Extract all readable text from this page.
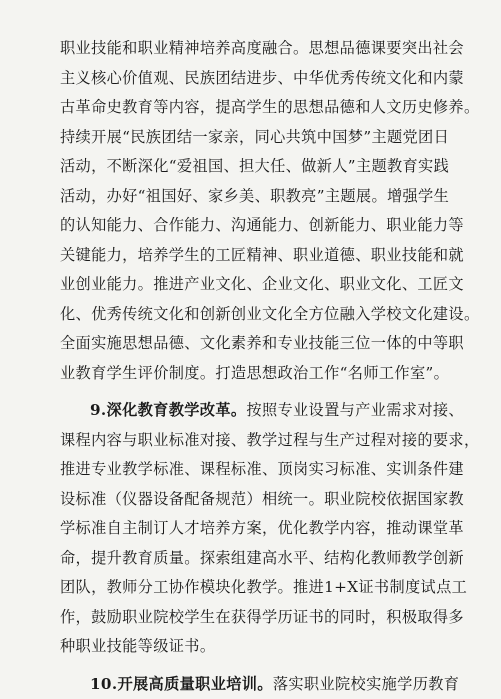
职业技能和职业精神培养高度融合。思想品德课要突出社会
主义核心价值观、民族团结进步、中华优秀传统文化和内蒙
古革命史教育等内容，提高学生的思想品德和人文历史修养。
持续开展“民族团结一家亲，同心共筑中国梦”主题党团日
活动，不断深化“爱祖国、担大任、做新人”主题教育实践
活动，办好“祖国好、家乡美、职教亮”主题展。增强学生
的认知能力、合作能力、沟通能力、创新能力、职业能力等
关键能力，培养学生的工匠精神、职业道德、职业技能和就
业创业能力。推进产业文化、企业文化、职业文化、工匠文
化、优秀传统文化和创新创业文化全方位融入学校文化建设。
全面实施思想品德、文化素养和专业技能三位一体的中等职
业教育学生评价制度。打造思想政治工作“名师工作室”。
9.深化教育教学改革。按照专业设置与产业需求对接、
课程内容与职业标准对接、教学过程与生产过程对接的要求，
推进专业教学标准、课程标准、顶岗实习标准、实训条件建
设标准（仪器设备配备规范）相统一。职业院校依据国家教
学标准自主制订人才培养方案，优化教学内容，推动课堂革
命，提升教育质量。探索组建高水平、结构化教师教学创新
团队，教师分工协作模块化教学。推进1+X证书制度试点工
作，鼓励职业院校学生在获得学历证书的同时，积极取得多
种职业技能等级证书。
10.开展高质量职业培训。落实职业院校实施学历教育
